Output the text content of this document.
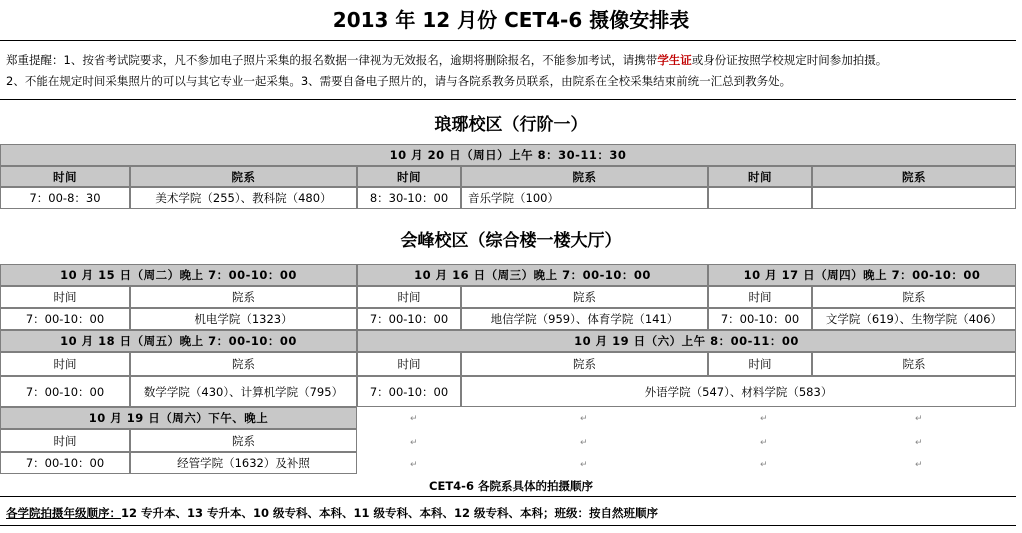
2013 年 12 月份 CET4-6 摄像安排表
郑重提醒：1、按省考试院要求，凡不参加电子照片采集的报名数据一律视为无效报名，逾期将删除报名，不能参加考试，请携带学生证或身份证按照学校规定时间参加拍摄。
2、不能在规定时间采集照片的可以与其它专业一起采集。3、需要自备电子照片的，请与各院系教务员联系，由院系在全校采集结束前统一汇总到教务处。
琅琊校区（行阶一）
10 月 20 日（周日）上午 8：30-11：30
时间	院系	时间	院系	时间	院系
7：00-8：30	美术学院（255）、教科院（480）	8：30-10：00	音乐学院（100）
会峰校区（综合楼一楼大厅）
10 月 15 日（周二）晚上 7：00-10：00	10 月 16 日（周三）晚上 7：00-10：00	10 月 17 日（周四）晚上 7：00-10：00
时间	院系	时间	院系	时间	院系
7：00-10：00	机电学院（1323）	7：00-10：00	地信学院（959）、体育学院（141）	7：00-10：00	文学院（619）、生物学院（406）
10 月 18 日（周五）晚上 7：00-10：00	10 月 19 日（六）上午 8：00-11：00
时间	院系	时间	院系	时间	院系
7：00-10：00	数学学院（430）、计算机学院（795）	7：00-10：00	外语学院（547）、材料学院（583）
10 月 19 日（周六）下午、晚上
时间	院系
7：00-10：00	经管学院（1632）及补照
↵	↵	↵	↵
↵	↵	↵	↵
↵	↵	↵	↵
CET4-6 各院系具体的拍摄顺序
各学院拍摄年级顺序：12 专升本、13 专升本、10 级专科、本科、11 级专科、本科、12 级专科、本科；班级：按自然班顺序
